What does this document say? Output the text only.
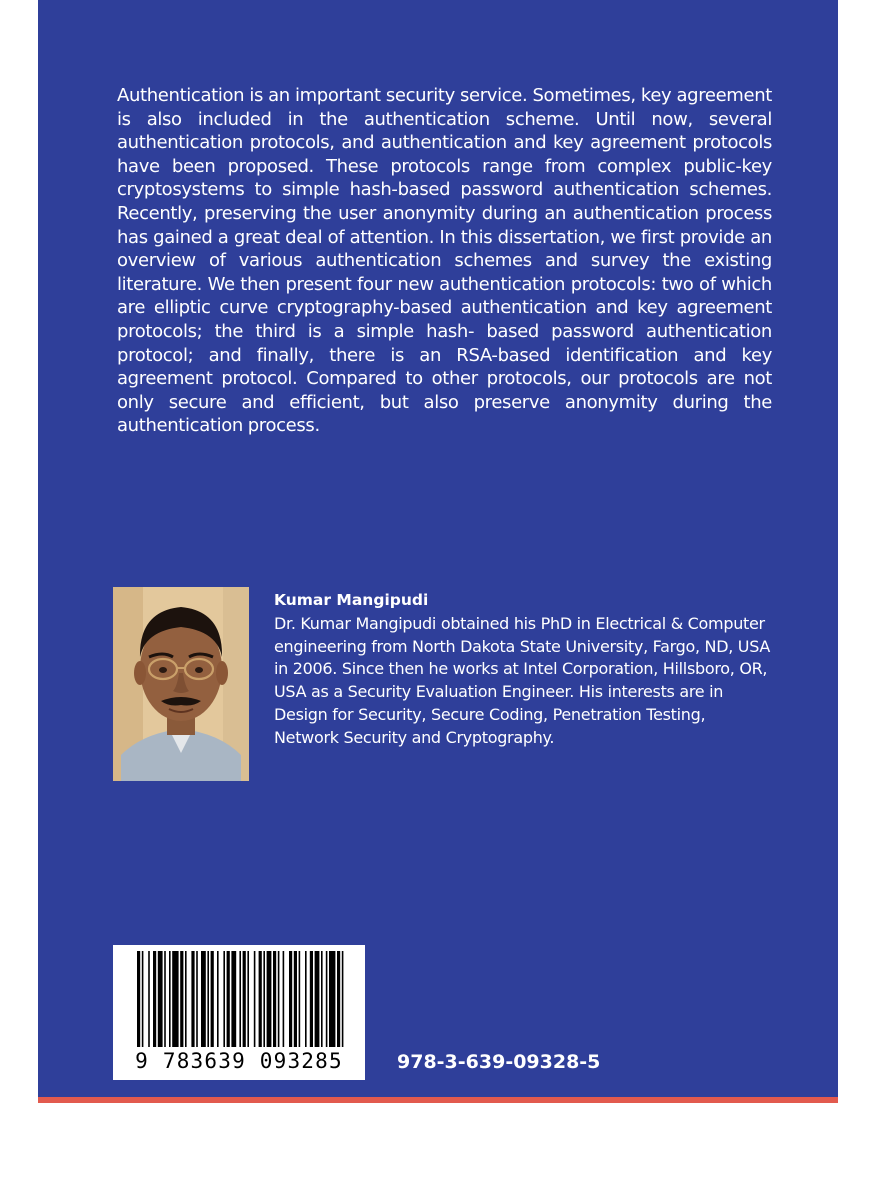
Authentication is an important security service. Sometimes, key agreement is also included in the authentication scheme. Until now, several authentication protocols, and authentication and key agreement protocols have been proposed. These protocols range from complex public-key cryptosystems to simple hash-based password authentication schemes. Recently, preserving the user anonymity during an authentication process has gained a great deal of attention. In this dissertation, we first provide an overview of various authentication schemes and survey the existing literature. We then present four new authentication protocols: two of which are elliptic curve cryptography-based authentication and key agreement protocols; the third is a simple hash- based password authentication protocol; and finally, there is an RSA-based identification and key agreement protocol. Compared to other protocols, our protocols are not only secure and efficient, but also preserve anonymity during the authentication process.

Kumar Mangipudi

Dr. Kumar Mangipudi obtained his PhD in Electrical & Computer engineering from North Dakota State University, Fargo, ND, USA in 2006. Since then he works at Intel Corporation, Hillsboro, OR, USA as a Security Evaluation Engineer. His interests are in Design for Security, Secure Coding, Penetration Testing, Network Security and Cryptography.

9 783639 093285	978-3-639-09328-5
